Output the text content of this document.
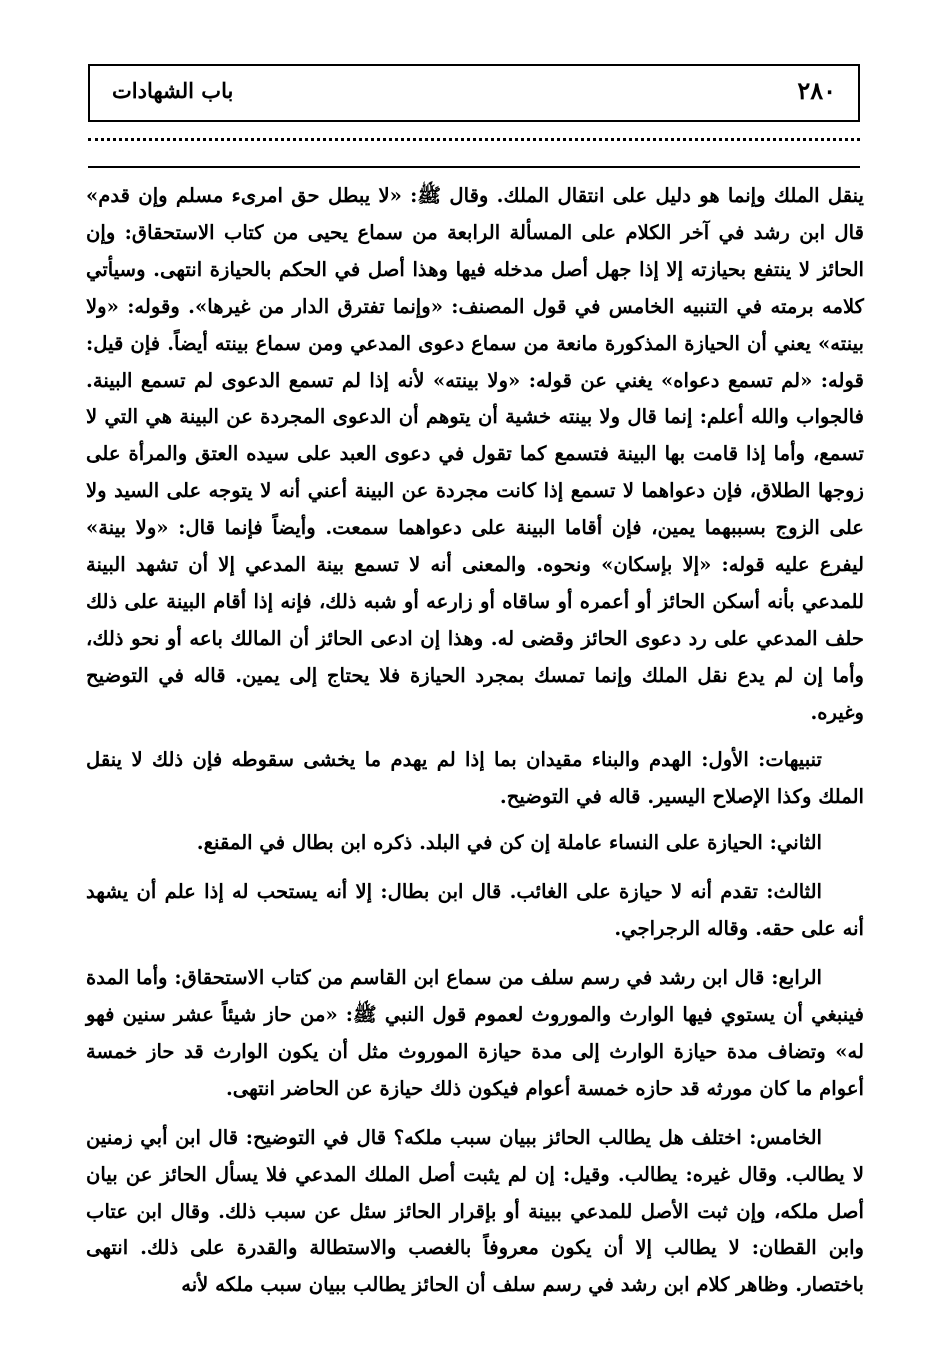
٢٨٠
باب الشهادات

ينقل الملك وإنما هو دليل على انتقال الملك. وقال ﷺ: «لا يبطل حق امرىء مسلم وإن قدم» قال ابن رشد في آخر الكلام على المسألة الرابعة من سماع يحيى من كتاب الاستحقاق: وإن الحائز لا ينتفع بحيازته إلا إذا جهل أصل مدخله فيها وهذا أصل في الحكم بالحيازة انتهى. وسيأتي كلامه برمته في التنبيه الخامس في قول المصنف: «وإنما تفترق الدار من غيرها». وقوله: «ولا بينته» يعني أن الحيازة المذكورة مانعة من سماع دعوى المدعي ومن سماع بينته أيضاً. فإن قيل: قوله: «لم تسمع دعواه» يغني عن قوله: «ولا بينته» لأنه إذا لم تسمع الدعوى لم تسمع البينة. فالجواب والله أعلم: إنما قال ولا بينته خشية أن يتوهم أن الدعوى المجردة عن البينة هي التي لا تسمع، وأما إذا قامت بها البينة فتسمع كما تقول في دعوى العبد على سيده العتق والمرأة على زوجها الطلاق، فإن دعواهما لا تسمع إذا كانت مجردة عن البينة أعني أنه لا يتوجه على السيد ولا على الزوج بسببهما يمين، فإن أقاما البينة على دعواهما سمعت. وأيضاً فإنما قال: «ولا بينة» ليفرع عليه قوله: «إلا بإسكان» ونحوه. والمعنى أنه لا تسمع بينة المدعي إلا أن تشهد البينة للمدعي بأنه أسكن الحائز أو أعمره أو ساقاه أو زارعه أو شبه ذلك، فإنه إذا أقام البينة على ذلك حلف المدعي على رد دعوى الحائز وقضى له. وهذا إن ادعى الحائز أن المالك باعه أو نحو ذلك، وأما إن لم يدع نقل الملك وإنما تمسك بمجرد الحيازة فلا يحتاج إلى يمين. قاله في التوضيح وغيره.

تنبيهات: الأول: الهدم والبناء مقيدان بما إذا لم يهدم ما يخشى سقوطه فإن ذلك لا ينقل الملك وكذا الإصلاح اليسير. قاله في التوضيح.

الثاني: الحيازة على النساء عاملة إن كن في البلد. ذكره ابن بطال في المقنع.

الثالث: تقدم أنه لا حيازة على الغائب. قال ابن بطال: إلا أنه يستحب له إذا علم أن يشهد أنه على حقه. وقاله الرجراجي.

الرابع: قال ابن رشد في رسم سلف من سماع ابن القاسم من كتاب الاستحقاق: وأما المدة فينبغي أن يستوي فيها الوارث والموروث لعموم قول النبي ﷺ: «من حاز شيئاً عشر سنين فهو له» وتضاف مدة حيازة الوارث إلى مدة حيازة الموروث مثل أن يكون الوارث قد حاز خمسة أعوام ما كان مورثه قد حازه خمسة أعوام فيكون ذلك حيازة عن الحاضر انتهى.

الخامس: اختلف هل يطالب الحائز ببيان سبب ملكه؟ قال في التوضيح: قال ابن أبي زمنين لا يطالب. وقال غيره: يطالب. وقيل: إن لم يثبت أصل الملك المدعي فلا يسأل الحائز عن بيان أصل ملكه، وإن ثبت الأصل للمدعي ببينة أو بإقرار الحائز سئل عن سبب ذلك. وقال ابن عتاب وابن القطان: لا يطالب إلا أن يكون معروفاً بالغصب والاستطالة والقدرة على ذلك. انتهى باختصار. وظاهر كلام ابن رشد في رسم سلف أن الحائز يطالب ببيان سبب ملكه لأنه
